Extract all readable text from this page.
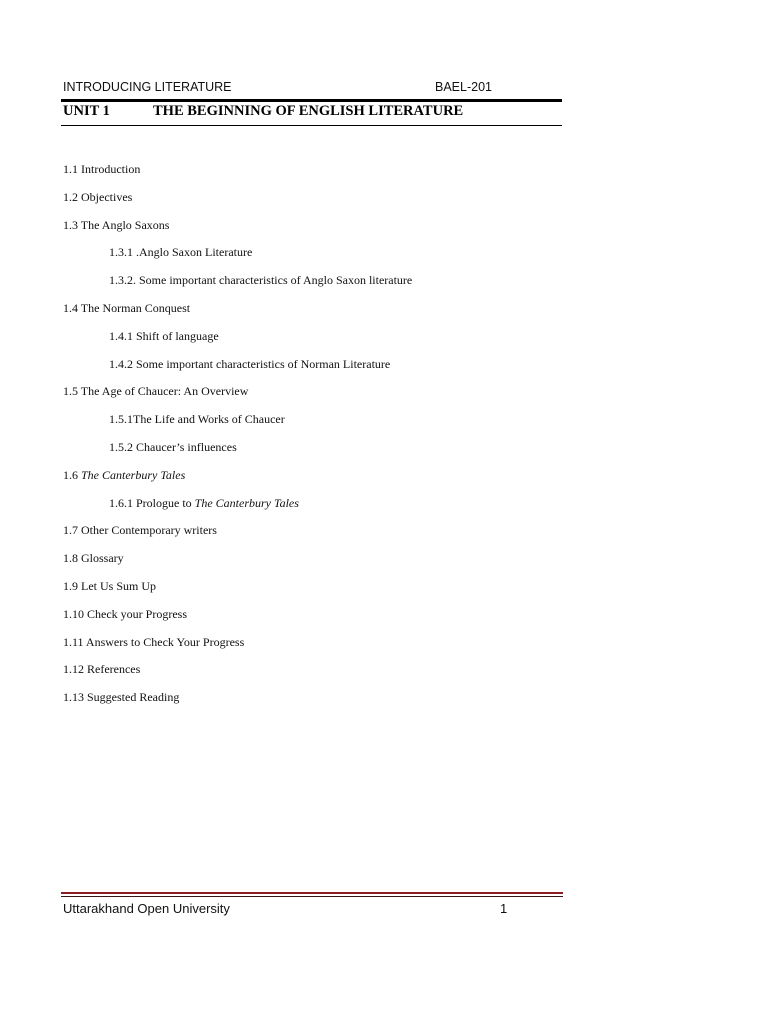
INTRODUCING LITERATURE	BAEL-201
UNIT 1	THE BEGINNING OF ENGLISH LITERATURE
1.1 Introduction
1.2 Objectives
1.3 The Anglo Saxons
1.3.1 .Anglo Saxon Literature
1.3.2. Some important characteristics of Anglo Saxon literature
1.4 The Norman Conquest
1.4.1 Shift of language
1.4.2 Some important characteristics of Norman Literature
1.5 The Age of Chaucer: An Overview
1.5.1The Life and Works of Chaucer
1.5.2 Chaucer’s influences
1.6 The Canterbury Tales
1.6.1 Prologue to The Canterbury Tales
1.7 Other Contemporary writers
1.8 Glossary
1.9 Let Us Sum Up
1.10 Check your Progress
1.11 Answers to Check Your Progress
1.12 References
1.13 Suggested Reading
Uttarakhand Open University	1
